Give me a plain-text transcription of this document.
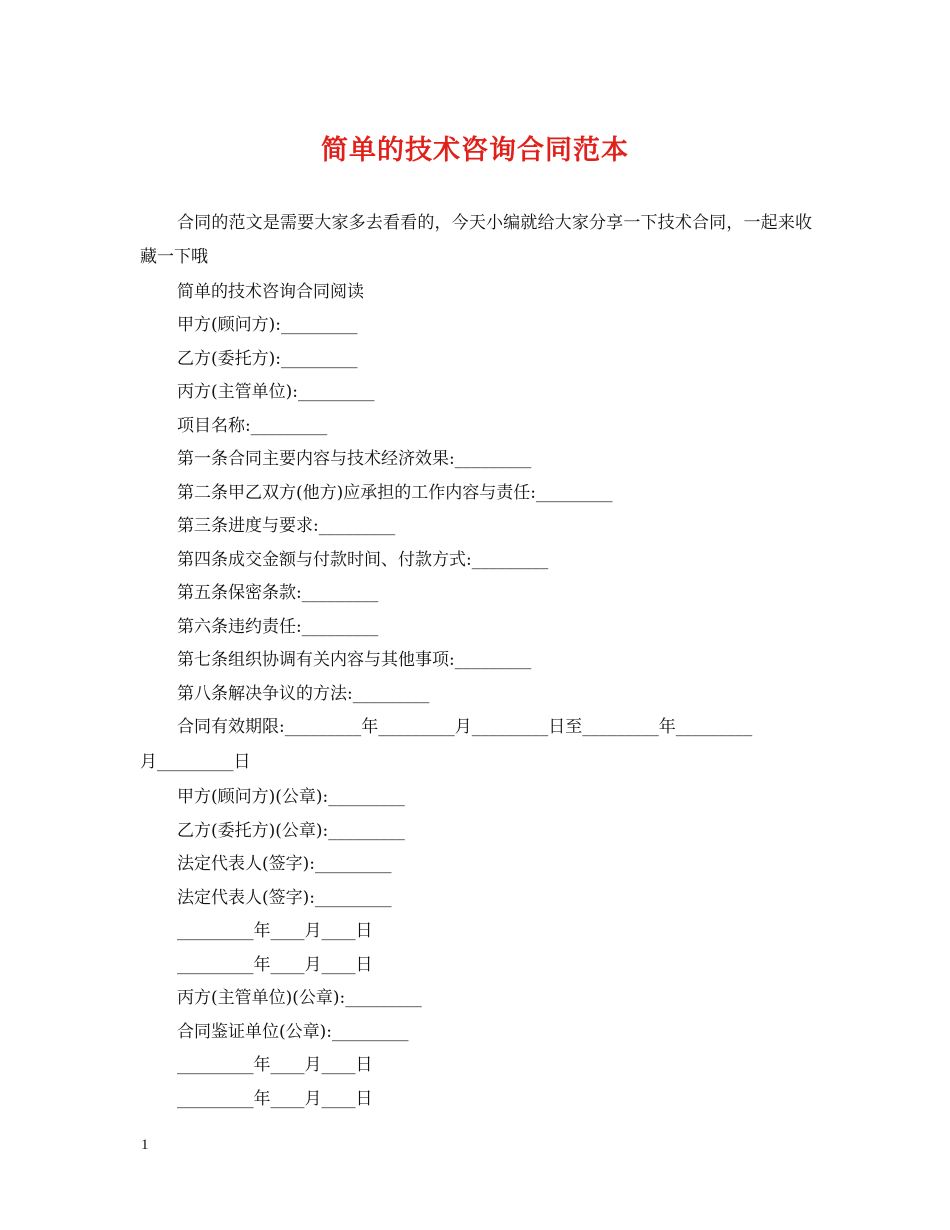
简单的技术咨询合同范本
合同的范文是需要大家多去看看的，今天小编就给大家分享一下技术合同，一起来收藏一下哦
简单的技术咨询合同阅读
甲方(顾问方):_________
乙方(委托方):_________
丙方(主管单位):_________
项目名称:_________
第一条合同主要内容与技术经济效果:_________
第二条甲乙双方(他方)应承担的工作内容与责任:_________
第三条进度与要求:_________
第四条成交金额与付款时间、付款方式:_________
第五条保密条款:_________
第六条违约责任:_________
第七条组织协调有关内容与其他事项:_________
第八条解决争议的方法:_________
合同有效期限:_________年_________月_________日至_________年_________
月_________日
甲方(顾问方)(公章):_________
乙方(委托方)(公章):_________
法定代表人(签字):_________
法定代表人(签字):_________
_________年____月____日
_________年____月____日
丙方(主管单位)(公章):_________
合同鉴证单位(公章):_________
_________年____月____日
_________年____月____日
1
